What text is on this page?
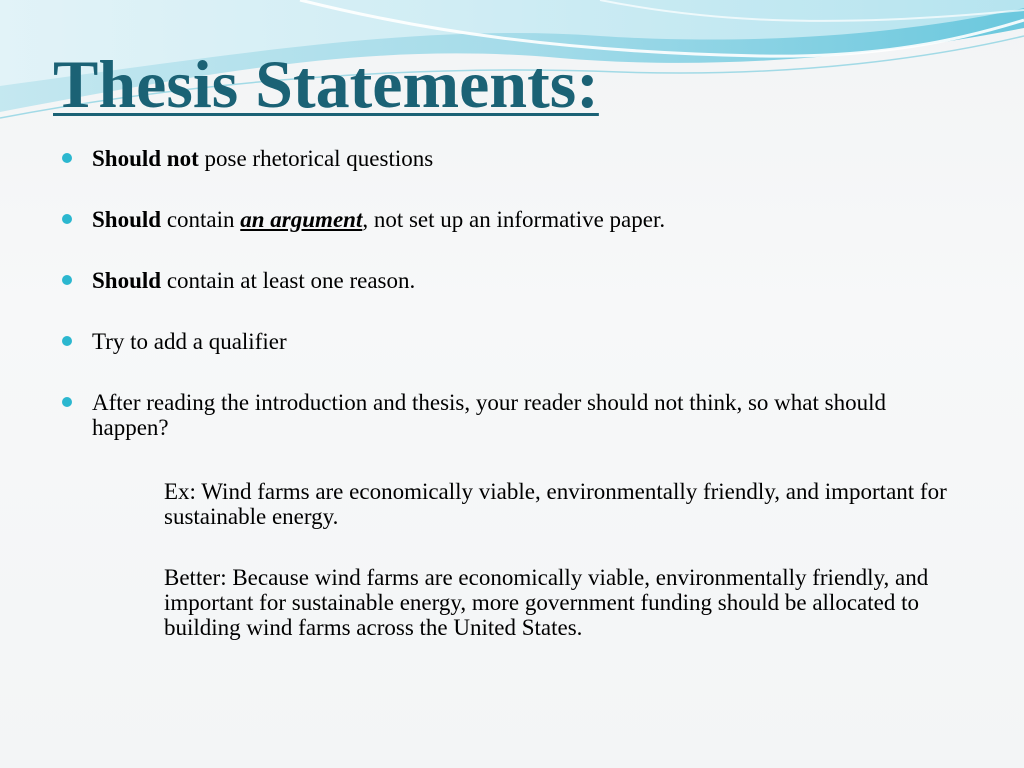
Thesis Statements:
Should not pose rhetorical questions
Should contain an argument, not set up an informative paper.
Should contain at least one reason.
Try to add a qualifier
After reading the introduction and thesis, your reader should not think, so what should happen?

Ex: Wind farms are economically viable, environmentally friendly, and important for sustainable energy.

Better: Because wind farms are economically viable, environmentally friendly, and important for sustainable energy, more government funding should be allocated to building wind farms across the United States.
